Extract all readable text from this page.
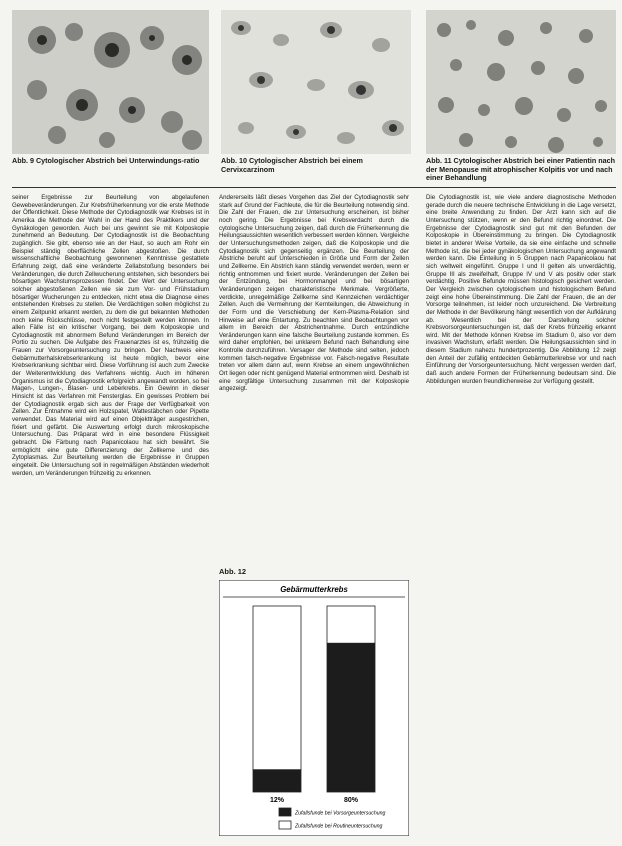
Abb. 9 Cytologischer Abstrich bei Unterwindungs-ratio	Abb. 10 Cytologischer Abstrich bei einem Cervixcarzinom
Abb. 11 Cytologischer Abstrich bei einer Patientin nach der Menopause mit atrophischer Kolpitis vor und nach einer Behandlung

seiner Ergebnisse zur Beurteilung von abgelaufenen Gewebeveränderungen. Zur Krebsfrüherkennung vor die erste Methode der Öffentlichkeit. Diese Methode der Cytodiagnostik war Krebses ist in Amerika die Methode der Wahl in der Hand des Praktikers und der Gynäkologen geworden. Auch bei uns gewinnt sie mit Kolposkopie zunehmend an Bedeutung. Der Cytodiagnostik ist die Beobachtung zugänglich. Sie gibt, ebenso wie an der Haut, so auch am Rohr ein Beispiel ständig oberflächliche Zellen abgestoßen. Die durch wissenschaftliche Beobachtung gewonnenen Kenntnisse gestattete Erfahrung zeigt, daß eine veränderte Zellabstoßung besonders bei Veränderungen, die durch Zellwucherung entstehen, sich besonders bei bösartigen Wachstumsprozessen findet. Der Wert der Untersuchung solcher abgestoßenen Zellen wie sie zum Vor- und Frühstadium bösartiger Wucherungen zu entdecken, nicht etwa die Diagnose eines entstehenden Krebses zu stellen. Die Verdächtigen sollen möglichst zu einem Zeitpunkt erkannt werden, zu dem die gut bekannten Methoden noch keine Rückschlüsse, noch nicht festgestellt werden können. In allen Fälle ist ein kritischer Vorgang, bei dem Kolposkopie und Cytodiagnostik mit abnormem Befund Veränderungen im Bereich der Portio zu suchen. Die Aufgabe des Frauenarztes ist es, frühzeitig die Frauen zur Vorsorgeuntersuchung zu bringen. Der Nachweis einer Gebärmutterhalskrebserkrankung ist heute möglich, bevor eine Krebserkrankung sichtbar wird. Diese Vorführung ist auch zum Zwecke der Weiterentwicklung des Verfahrens wichtig. Auch im höheren Organismus ist die Cytodiagnostik erfolgreich angewandt worden, so bei Magen-, Lungen-, Blasen- und Leberkrebs. Ein Gewinn in dieser Hinsicht ist das Verfahren mit Fensterglas. Ein gewisses Problem bei der Cytodiagnostik ergab sich aus der Frage der Verfügbarkeit von Zellen. Zur Entnahme wird ein Holzspatel, Wattestäbchen oder Pipette verwendet. Das Material wird auf einen Objektträger ausgestrichen, fixiert und gefärbt. Die Auswertung erfolgt durch mikroskopische Untersuchung. Das Präparat wird in eine besondere Flüssigkeit gebracht. Die Färbung nach Papanicolaou hat sich bewährt. Sie ermöglicht eine gute Differenzierung der Zellkerne und des Zytoplasmas. Zur Beurteilung werden die Ergebnisse in Gruppen eingeteilt. Die Untersuchung soll in regelmäßigen Abständen wiederholt werden, um Veränderungen frühzeitig zu erkennen.

Andererseits läßt dieses Vorgehen das Ziel der Cytodiagnostik sehr stark auf Grund der Fachleute, die für die Beurteilung notwendig sind. Die Zahl der Frauen, die zur Untersuchung erscheinen, ist bisher noch gering. Die Ergebnisse bei Krebsverdacht durch die cytologische Untersuchung zeigen, daß durch die Früherkennung die Heilungsaussichten wesentlich verbessert werden können. Vergleiche der Untersuchungsmethoden zeigen, daß die Kolposkopie und die Cytodiagnostik sich gegenseitig ergänzen. Die Beurteilung der Abstriche beruht auf Unterschieden in Größe und Form der Zellen und Zellkerne. Ein Abstrich kann ständig verwendet werden, wenn er richtig entnommen und fixiert wurde. Veränderungen der Zellen bei der Entzündung, bei Hormonmangel und bei bösartigen Veränderungen zeigen charakteristische Merkmale. Vergrößerte, verdickte, unregelmäßige Zellkerne sind Kennzeichen verdächtiger Zellen. Auch die Vermehrung der Kernteilungen, die Abweichung in der Form und die Verschiebung der Kern-Plasma-Relation sind Hinweise auf eine Entartung. Zu beachten sind Beobachtungen vor allem im Bereich der Abstrichentnahme. Durch entzündliche Veränderungen kann eine falsche Beurteilung zustande kommen. Es wird daher empfohlen, bei unklarem Befund nach Behandlung eine Kontrolle durchzuführen. Versager der Methode sind selten, jedoch kommen falsch-negative Ergebnisse vor. Falsch-negative Resultate treten vor allem dann auf, wenn Krebse an einem ungewöhnlichen Ort liegen oder nicht genügend Material entnommen wird. Deshalb ist eine sorgfältige Untersuchung zusammen mit der Kolposkopie angezeigt.

Abb. 12
Gebärmutterkrebs
12%	80%
Zufallsfunde bei Vorsorgeuntersuchung
Zufallsfunde bei Routineuntersuchung

Die Cytodiagnostik ist, wie viele andere diagnostische Methoden gerade durch die neuere technische Entwicklung in die Lage versetzt, eine breite Anwendung zu finden. Der Arzt kann sich auf die Untersuchung stützen, wenn er den Befund richtig einordnet. Die Ergebnisse der Cytodiagnostik sind gut mit den Befunden der Kolposkopie in Übereinstimmung zu bringen. Die Cytodiagnostik bietet in anderer Weise Vorteile, da sie eine einfache und schnelle Methode ist, die bei jeder gynäkologischen Untersuchung angewandt werden kann. Die Einteilung in 5 Gruppen nach Papanicolaou hat sich weltweit eingeführt. Gruppe I und II gelten als unverdächtig, Gruppe III als zweifelhaft, Gruppe IV und V als positiv oder stark verdächtig. Positive Befunde müssen histologisch gesichert werden. Der Vergleich zwischen cytologischem und histologischem Befund zeigt eine hohe Übereinstimmung. Die Zahl der Frauen, die an der Vorsorge teilnehmen, ist leider noch unzureichend. Die Verbreitung der Methode in der Bevölkerung hängt wesentlich von der Aufklärung ab. Wesentlich bei der Darstellung solcher Krebsvorsorgeuntersuchungen ist, daß der Krebs frühzeitig erkannt wird. Mit der Methode können Krebse im Stadium 0, also vor dem invasiven Wachstum, erfaßt werden. Die Heilungsaussichten sind in diesem Stadium nahezu hundertprozentig. Die Abbildung 12 zeigt den Anteil der zufällig entdeckten Gebärmutterkrebse vor und nach Einführung der Vorsorgeuntersuchung. Nicht vergessen werden darf, daß auch andere Formen der Früherkennung bedeutsam sind. Die Abbildungen wurden freundlicherweise zur Verfügung gestellt.
